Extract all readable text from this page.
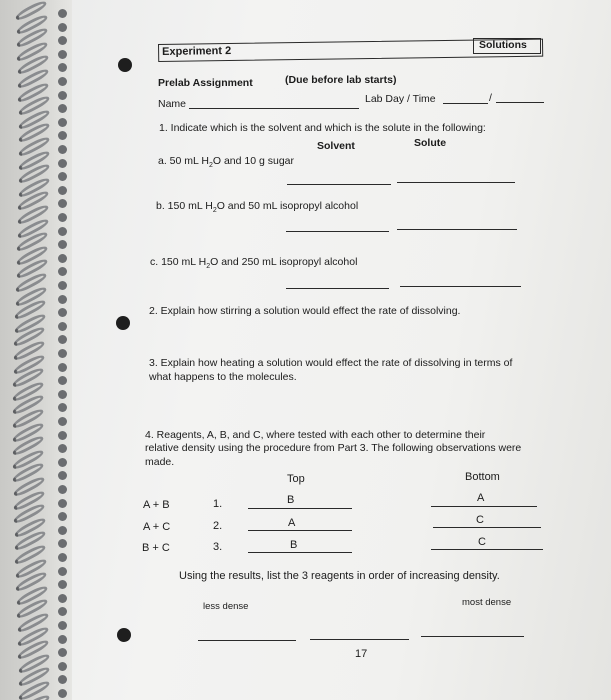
Experiment 2	Solutions
Prelab Assignment	(Due before lab starts)
Name	Lab Day / Time	/
1. Indicate which is the solvent and which is the solute in the following:
Solvent	Solute
a. 50 mL $H_2O$ and 10 g sugar
b. 150 mL $H_2O$ and 50 mL isopropyl alcohol
c. 150 mL $H_2O$ and 250 mL isopropyl alcohol
2. Explain how stirring a solution would effect the rate of dissolving.
3. Explain how heating a solution would effect the rate of dissolving in terms of
what happens to the molecules.
4. Reagents, A, B, and C, where tested with each other to determine their
relative density using the procedure from Part 3. The following observations were
made.
Top	Bottom
A + B	1.	B	A
A + C	2.	A	C
B + C	3.	B	C
Using the results, list the 3 reagents in order of increasing density.
less dense	most dense
17
